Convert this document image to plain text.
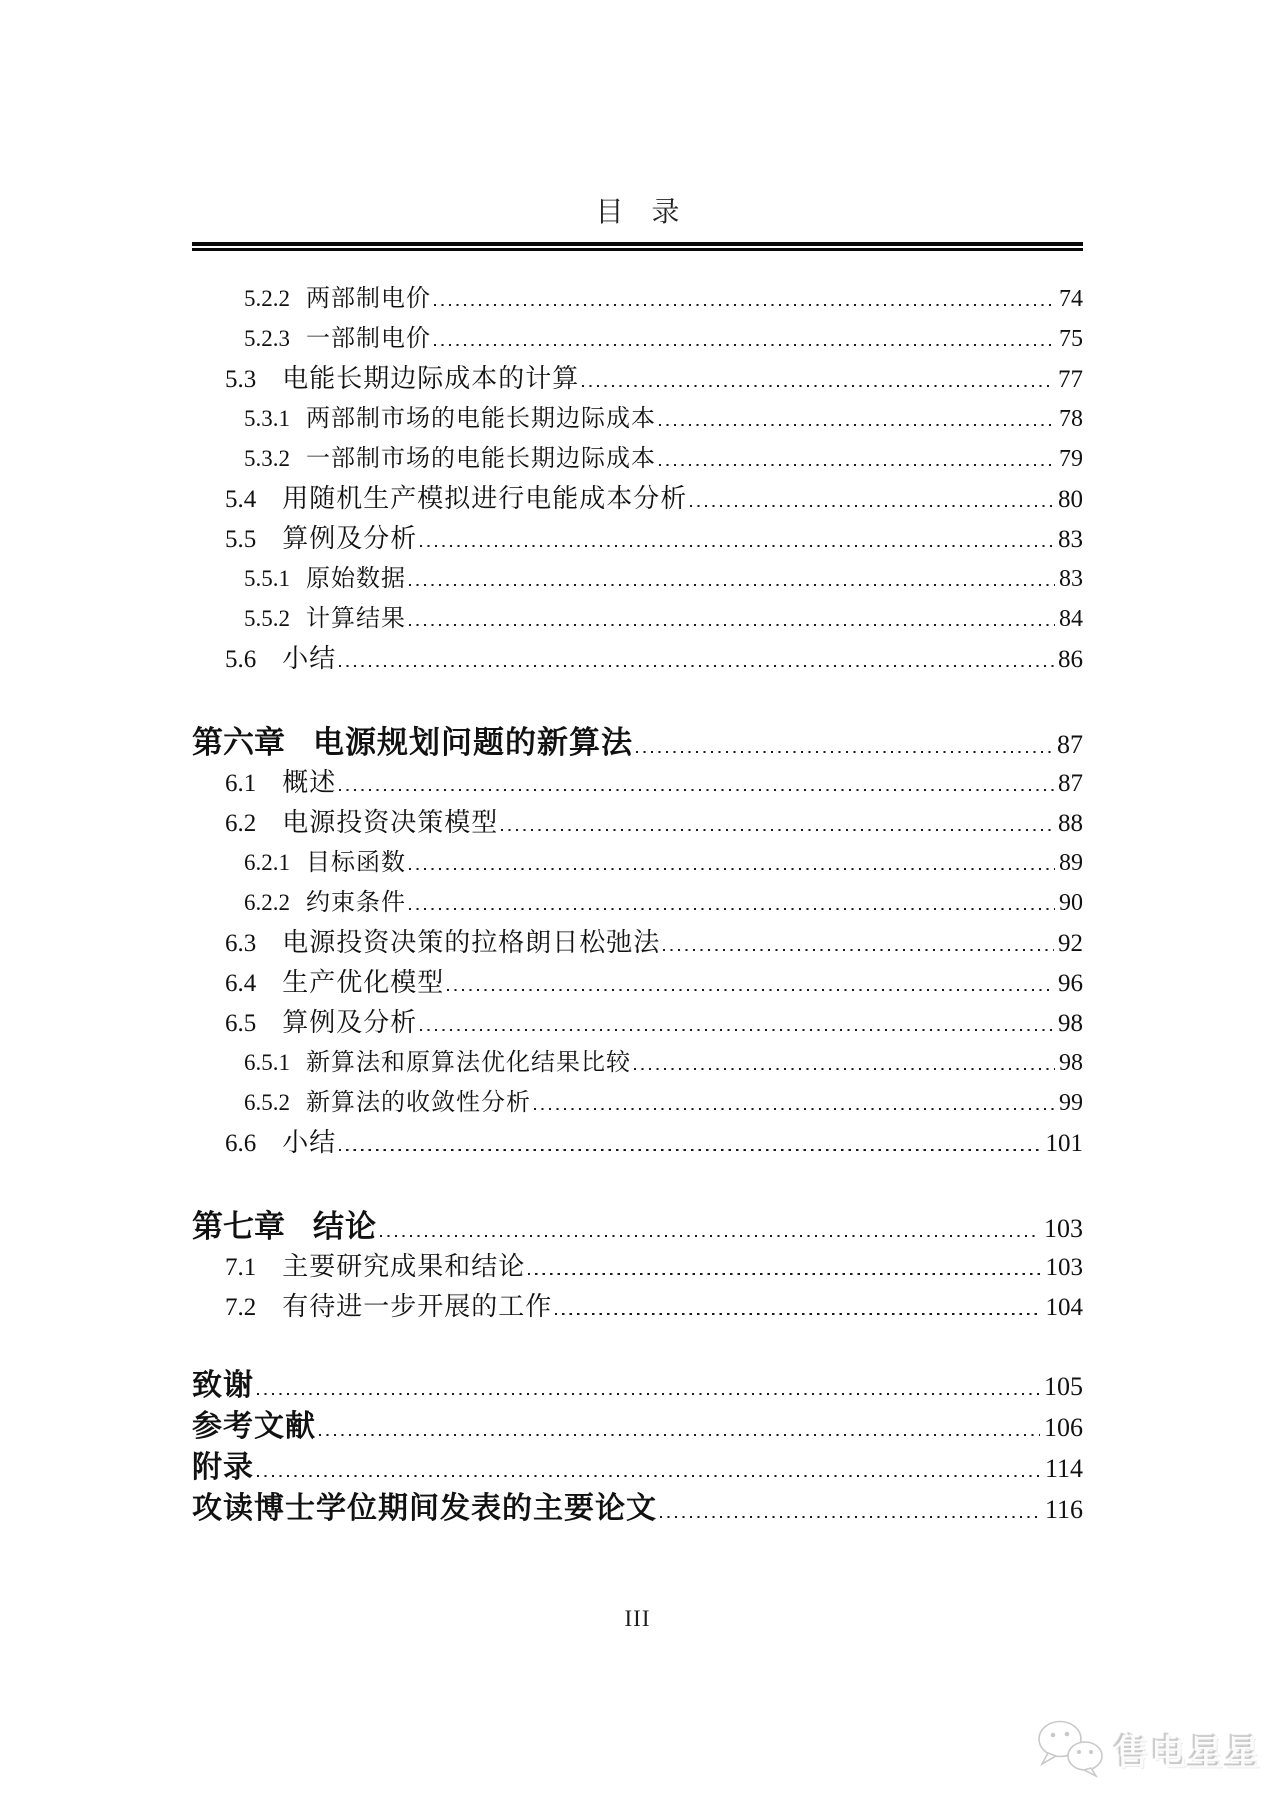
目　录
5.2.2 两部制电价	74
5.2.3 一部制电价	75
5.3 电能长期边际成本的计算	77
5.3.1 两部制市场的电能长期边际成本	78
5.3.2 一部制市场的电能长期边际成本	79
5.4 用随机生产模拟进行电能成本分析	80
5.5 算例及分析	83
5.5.1 原始数据	83
5.5.2 计算结果	84
5.6 小结	86
第六章 电源规划问题的新算法	87
6.1 概述	87
6.2 电源投资决策模型	88
6.2.1 目标函数	89
6.2.2 约束条件	90
6.3 电源投资决策的拉格朗日松弛法	92
6.4 生产优化模型	96
6.5 算例及分析	98
6.5.1 新算法和原算法优化结果比较	98
6.5.2 新算法的收敛性分析	99
6.6 小结	101
第七章 结论	103
7.1 主要研究成果和结论	103
7.2 有待进一步开展的工作	104
致谢	105
参考文献	106
附录	114
攻读博士学位期间发表的主要论文	116
III
售电星星
